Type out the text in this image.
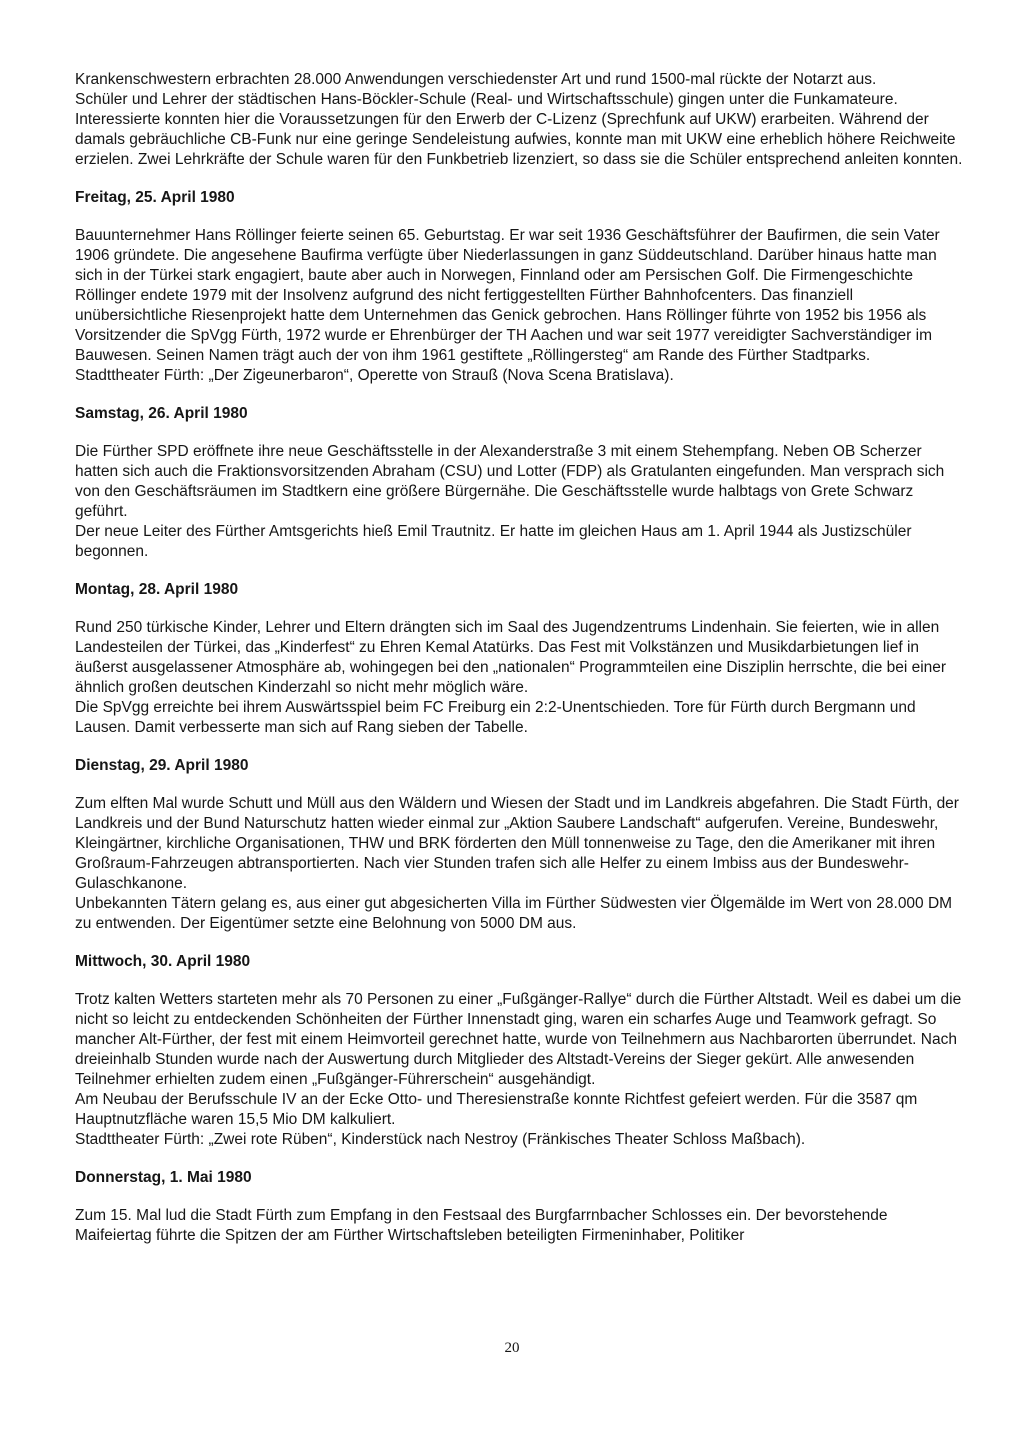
Krankenschwestern erbrachten 28.000 Anwendungen verschiedenster Art und rund 1500-mal rückte der Notarzt aus.
Schüler und Lehrer der städtischen Hans-Böckler-Schule (Real- und Wirtschaftsschule) gingen unter die Funkamateure. Interessierte konnten hier die Voraussetzungen für den Erwerb der C-Lizenz (Sprechfunk auf UKW) erarbeiten. Während der damals gebräuchliche CB-Funk nur eine geringe Sendeleistung aufwies, konnte man mit UKW eine erheblich höhere Reichweite erzielen. Zwei Lehrkräfte der Schule waren für den Funkbetrieb lizenziert, so dass sie die Schüler entsprechend anleiten konnten.
Freitag, 25. April 1980
Bauunternehmer Hans Röllinger feierte seinen 65. Geburtstag. Er war seit 1936 Geschäftsführer der Baufirmen, die sein Vater 1906 gründete. Die angesehene Baufirma verfügte über Niederlassungen in ganz Süddeutschland. Darüber hinaus hatte man sich in der Türkei stark engagiert, baute aber auch in Norwegen, Finnland oder am Persischen Golf. Die Firmengeschichte Röllinger endete 1979 mit der Insolvenz aufgrund des nicht fertiggestellten Fürther Bahnhofcenters. Das finanziell unübersichtliche Riesenprojekt hatte dem Unternehmen das Genick gebrochen. Hans Röllinger führte von 1952 bis 1956 als Vorsitzender die SpVgg Fürth, 1972 wurde er Ehrenbürger der TH Aachen und war seit 1977 vereidigter Sachverständiger im Bauwesen. Seinen Namen trägt auch der von ihm 1961 gestiftete „Röllingersteg“ am Rande des Fürther Stadtparks.
Stadttheater Fürth: „Der Zigeunerbaron“, Operette von Strauß (Nova Scena Bratislava).
Samstag, 26. April 1980
Die Fürther SPD eröffnete ihre neue Geschäftsstelle in der Alexanderstraße 3 mit einem Stehempfang. Neben OB Scherzer hatten sich auch die Fraktionsvorsitzenden Abraham (CSU) und Lotter (FDP) als Gratulanten eingefunden. Man versprach sich von den Geschäftsräumen im Stadtkern eine größere Bürgernähe. Die Geschäftsstelle wurde halbtags von Grete Schwarz geführt.
Der neue Leiter des Fürther Amtsgerichts hieß Emil Trautnitz. Er hatte im gleichen Haus am 1. April 1944 als Justizschüler begonnen.
Montag, 28. April 1980
Rund 250 türkische Kinder, Lehrer und Eltern drängten sich im Saal des Jugendzentrums Lindenhain. Sie feierten, wie in allen Landesteilen der Türkei, das „Kinderfest“ zu Ehren Kemal Atatürks. Das Fest mit Volkstänzen und Musikdarbietungen lief in äußerst ausgelassener Atmosphäre ab, wohingegen bei den „nationalen“ Programmteilen eine Disziplin herrschte, die bei einer ähnlich großen deutschen Kinderzahl so nicht mehr möglich wäre.
Die SpVgg erreichte bei ihrem Auswärtsspiel beim FC Freiburg ein 2:2-Unentschieden. Tore für Fürth durch Bergmann und Lausen. Damit verbesserte man sich auf Rang sieben der Tabelle.
Dienstag, 29. April 1980
Zum elften Mal wurde Schutt und Müll aus den Wäldern und Wiesen der Stadt und im Landkreis abgefahren. Die Stadt Fürth, der Landkreis und der Bund Naturschutz hatten wieder einmal zur „Aktion Saubere Landschaft“ aufgerufen. Vereine, Bundeswehr, Kleingärtner, kirchliche Organisationen, THW und BRK förderten den Müll tonnenweise zu Tage, den die Amerikaner mit ihren Großraum-Fahrzeugen abtransportierten. Nach vier Stunden trafen sich alle Helfer zu einem Imbiss aus der Bundeswehr-Gulaschkanone.
Unbekannten Tätern gelang es, aus einer gut abgesicherten Villa im Fürther Südwesten vier Ölgemälde im Wert von 28.000 DM zu entwenden. Der Eigentümer setzte eine Belohnung von 5000 DM aus.
Mittwoch, 30. April 1980
Trotz kalten Wetters starteten mehr als 70 Personen zu einer „Fußgänger-Rallye“ durch die Fürther Altstadt. Weil es dabei um die nicht so leicht zu entdeckenden Schönheiten der Fürther Innenstadt ging, waren ein scharfes Auge und Teamwork gefragt. So mancher Alt-Fürther, der fest mit einem Heimvorteil gerechnet hatte, wurde von Teilnehmern aus Nachbarorten überrundet. Nach dreieinhalb Stunden wurde nach der Auswertung durch Mitglieder des Altstadt-Vereins der Sieger gekürt. Alle anwesenden Teilnehmer erhielten zudem einen „Fußgänger-Führerschein“ ausgehändigt.
Am Neubau der Berufsschule IV an der Ecke Otto- und Theresienstraße konnte Richtfest gefeiert werden. Für die 3587 qm Hauptnutzfläche waren 15,5 Mio DM kalkuliert.
Stadttheater Fürth: „Zwei rote Rüben“, Kinderstück nach Nestroy (Fränkisches Theater Schloss Maßbach).
Donnerstag, 1. Mai 1980
Zum 15. Mal lud die Stadt Fürth zum Empfang in den Festsaal des Burgfarrnbacher Schlosses ein. Der bevorstehende Maifeiertag führte die Spitzen der am Fürther Wirtschaftsleben beteiligten Firmeninhaber, Politiker
20
